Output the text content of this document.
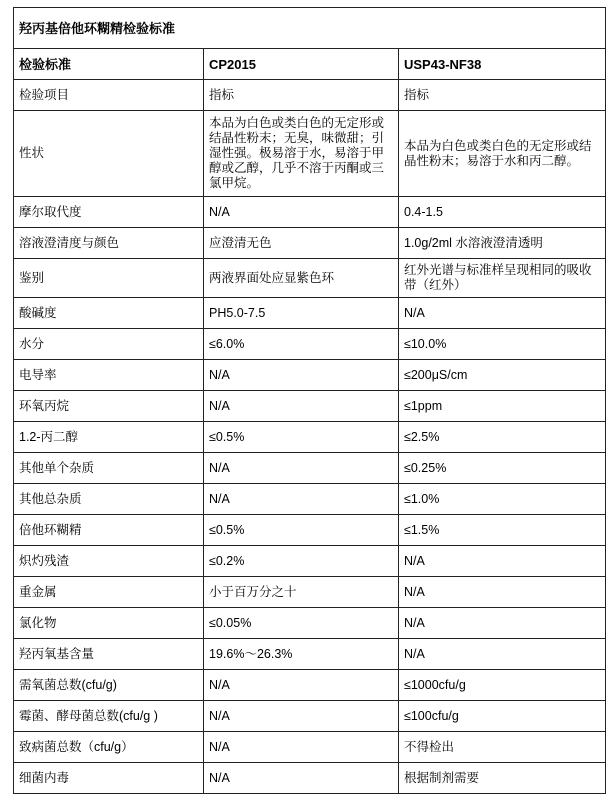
羟丙基倍他环糊精检验标准		
检验标准	CP2015	USP43-NF38
检验项目	指标	指标
性状	本品为白色或类白色的无定形或结晶性粉末；无臭，味微甜；引湿性强。极易溶于水，易溶于甲醇或乙醇，几乎不溶于丙酮或三氯甲烷。	本品为白色或类白色的无定形或结晶性粉末；易溶于水和丙二醇。
摩尔取代度	N/A	0.4-1.5
溶液澄清度与颜色	应澄清无色	1.0g/2ml 水溶液澄清透明
鉴别	两液界面处应显紫色环	红外光谱与标准样呈现相同的吸收带（红外）
酸碱度	PH5.0-7.5	N/A
水分	≤6.0%	≤10.0%
电导率	N/A	≤200μS/cm
环氧丙烷	N/A	≤1ppm
1.2-丙二醇	≤0.5%	≤2.5%
其他单个杂质	N/A	≤0.25%
其他总杂质	N/A	≤1.0%
倍他环糊精	≤0.5%	≤1.5%
炽灼残渣	≤0.2%	N/A
重金属	小于百万分之十	N/A
氯化物	≤0.05%	N/A
羟丙氧基含量	19.6%～26.3%	N/A
需氧菌总数(cfu/g)	N/A	≤1000cfu/g
霉菌、酵母菌总数(cfu/g )	N/A	≤100cfu/g
致病菌总数（cfu/g）	N/A	不得检出
细菌内毒	N/A	根据制剂需要
